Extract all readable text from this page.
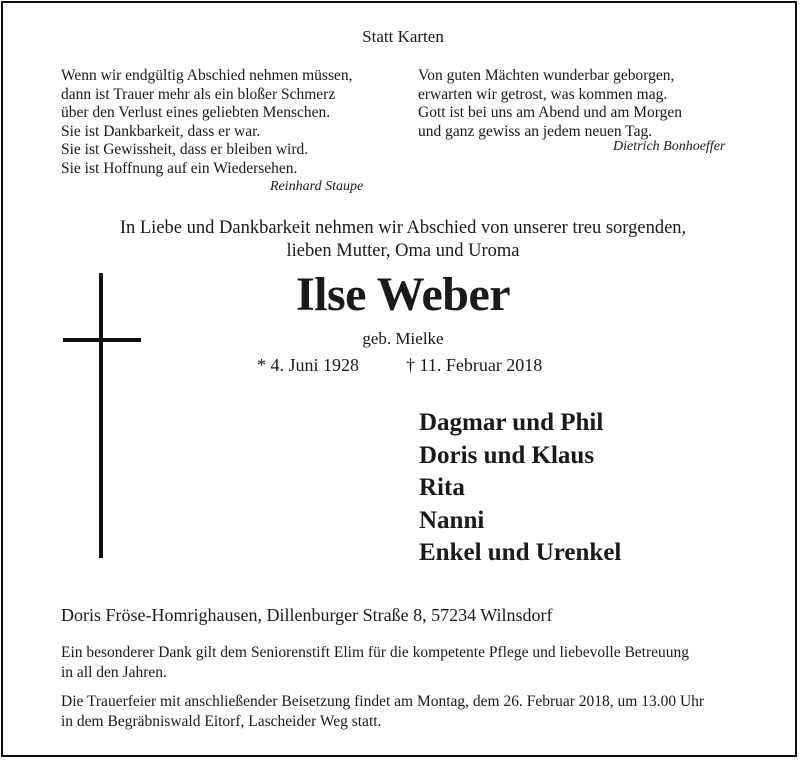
Statt Karten
Wenn wir endgültig Abschied nehmen müssen,
dann ist Trauer mehr als ein bloßer Schmerz
über den Verlust eines geliebten Menschen.
Sie ist Dankbarkeit, dass er war.
Sie ist Gewissheit, dass er bleiben wird.
Sie ist Hoffnung auf ein Wiedersehen.
Reinhard Staupe
Von guten Mächten wunderbar geborgen,
erwarten wir getrost, was kommen mag.
Gott ist bei uns am Abend und am Morgen
und ganz gewiss an jedem neuen Tag.
Dietrich Bonhoeffer
In Liebe und Dankbarkeit nehmen wir Abschied von unserer treu sorgenden,
lieben Mutter, Oma und Uroma
Ilse Weber
geb. Mielke
* 4. Juni 1928	† 11. Februar 2018
Dagmar und Phil
Doris und Klaus
Rita
Nanni
Enkel und Urenkel
Doris Fröse-Homrighausen, Dillenburger Straße 8, 57234 Wilnsdorf
Ein besonderer Dank gilt dem Seniorenstift Elim für die kompetente Pflege und liebevolle Betreuung
in all den Jahren.
Die Trauerfeier mit anschließender Beisetzung findet am Montag, dem 26. Februar 2018, um 13.00 Uhr
in dem Begräbniswald Eitorf, Lascheider Weg statt.
